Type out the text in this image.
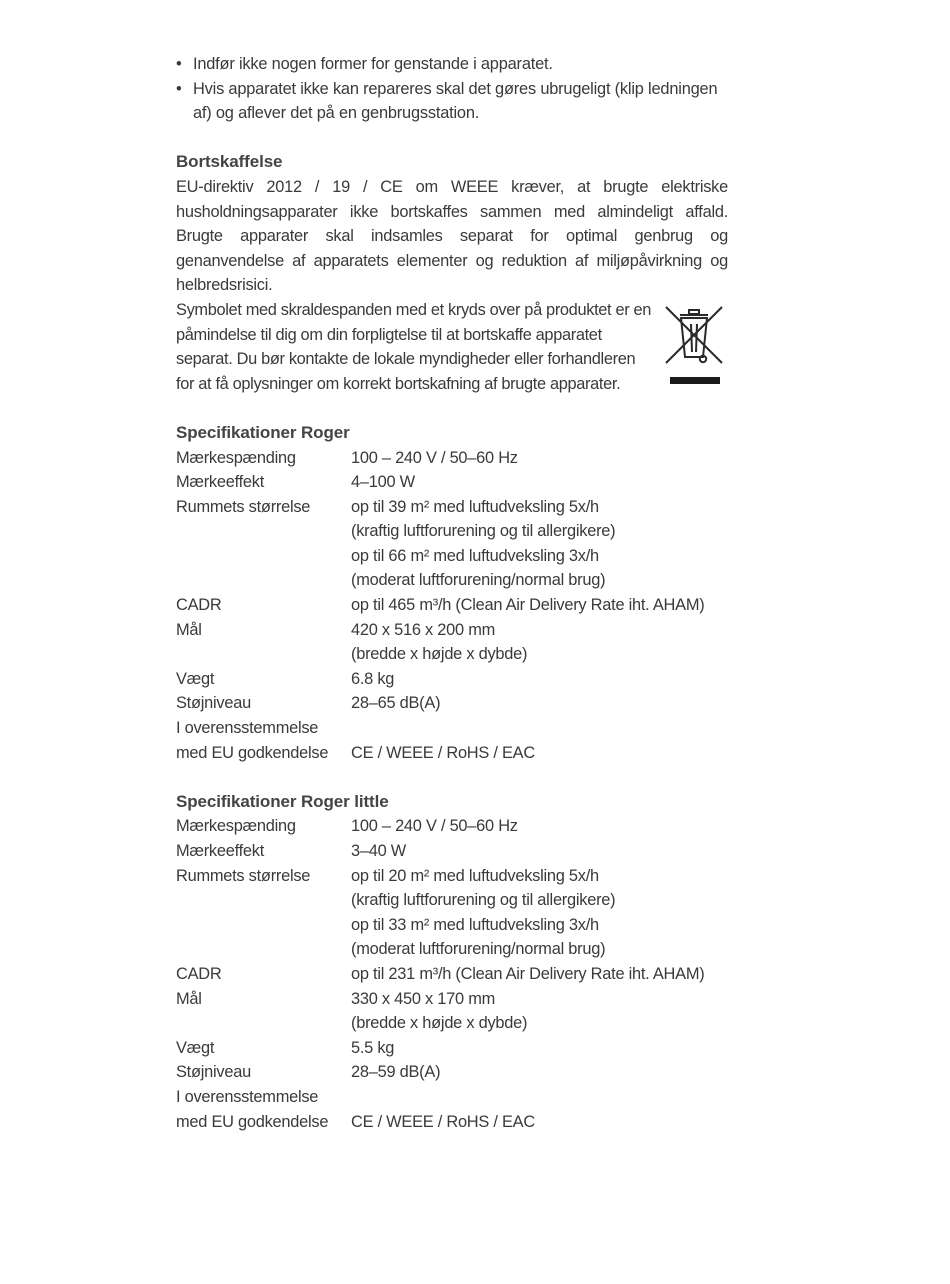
• Indfør ikke nogen former for genstande i apparatet.
• Hvis apparatet ikke kan repareres skal det gøres ubrugeligt (klip ledningen af) og aflever det på en genbrugsstation.
Bortskaffelse

EU-direktiv 2012 / 19 / CE om WEEE kræver, at brugte elektriske husholdningsapparater ikke bortskaffes sammen med almindeligt affald. Brugte apparater skal indsamles separat for optimal genbrug og genanvendelse af apparatets elementer og reduktion af miljøpåvirkning og helbredsrisici.

Symbolet med skraldespanden med et kryds over på produktet er en påmindelse til dig om din forpligtelse til at bortskaffe apparatet separat. Du bør kontakte de lokale myndigheder eller forhandleren for at få oplysninger om korrekt bortskafning af brugte apparater.

Specifikationer Roger
Mærkespænding	100 – 240 V / 50–60 Hz
Mærkeeffekt	4–100 W
Rummets størrelse	op til 39 m² med luftudveksling 5x/h
(kraftig luftforurening og til allergikere)
op til 66 m² med luftudveksling 3x/h
(moderat luftforurening/normal brug)
CADR	op til 465 m³/h (Clean Air Delivery Rate iht. AHAM)
Mål	420 x 516 x 200 mm
(bredde x højde x dybde)
Vægt	6.8 kg
Støjniveau	28–65 dB(A)
I overensstemmelse

med EU godkendelse	CE / WEEE / RoHS / EAC
Specifikationer Roger little
Mærkespænding	100 – 240 V / 50–60 Hz
Mærkeeffekt	3–40 W
Rummets størrelse	op til 20 m² med luftudveksling 5x/h
(kraftig luftforurening og til allergikere)
op til 33 m² med luftudveksling 3x/h
(moderat luftforurening/normal brug)
CADR	op til 231 m³/h (Clean Air Delivery Rate iht. AHAM)
Mål	330 x 450 x 170 mm
(bredde x højde x dybde)
Vægt	5.5 kg
Støjniveau	28–59 dB(A)
I overensstemmelse

med EU godkendelse	CE / WEEE / RoHS / EAC
